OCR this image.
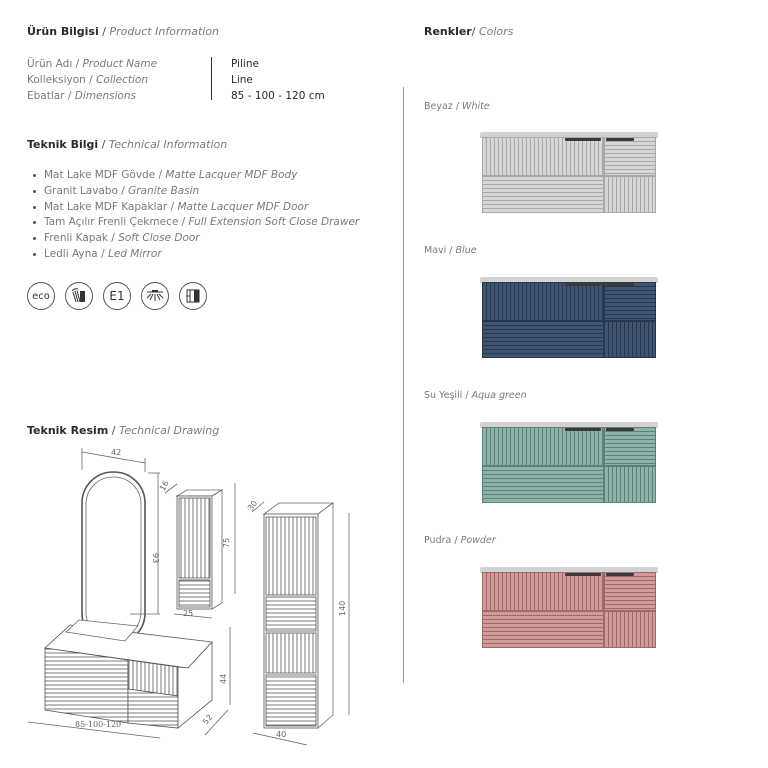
Ürün Bilgisi / Product Information
Ürün Adı / Product Name
Kolleksiyon / Collection
Ebatlar / Dimensions
Piline
Line
85 - 100 - 120 cm
Teknik Bilgi / Technical Information
Mat Lake MDF Gövde / Matte Lacquer MDF Body
Granit Lavabo / Granite Basin
Mat Lake MDF Kapaklar / Matte Lacquer MDF Door
Tam Açılır Frenli Çekmece / Full Extension Soft Close Drawer
Frenli Kapak / Soft Close Door
Ledli Ayna / Led Mirror
eco	E1
Teknik Resim / Technical Drawing
42
93
16
75
25
30
140
40
85-100-120
44
52
Renkler/ Colors
Beyaz / White
Mavi / Blue
Su Yeşili / Aqua green
Pudra / Powder
